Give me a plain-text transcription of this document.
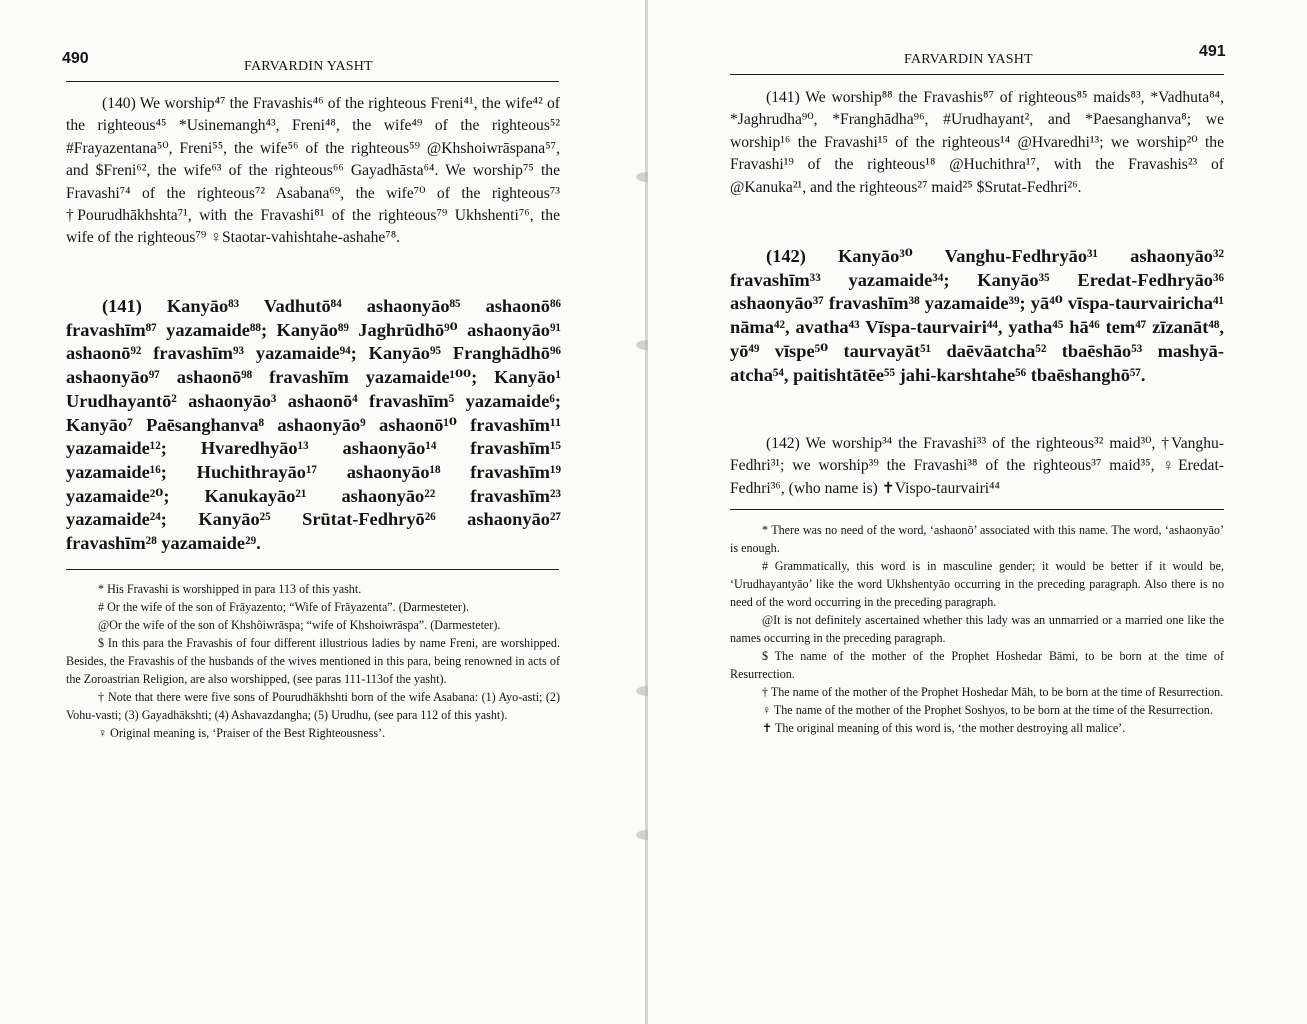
490	FARVARDIN YASHT

(140) We worship⁴⁷ the Fravashis⁴⁶ of the righteous Freni⁴¹, the wife⁴² of the righteous⁴⁵ *Usinemangh⁴³, Freni⁴⁸, the wife⁴⁹ of the righteous⁵² #Frayazentana⁵⁰, Freni⁵⁵, the wife⁵⁶ of the righteous⁵⁹ @Khshoiwrāspana⁵⁷, and $Freni⁶², the wife⁶³ of the righteous⁶⁶ Gayadhāsta⁶⁴. We worship⁷⁵ the Fravashi⁷⁴ of the righteous⁷² Asabana⁶⁹, the wife⁷⁰ of the righteous⁷³ †Pourudhākhshta⁷¹, with the Fravashi⁸¹ of the righteous⁷⁹ Ukhshenti⁷⁶, the wife of the righteous⁷⁹ ♀Staotar-vahishtahe-ashahe⁷⁸.

(141) Kanyāo⁸³ Vadhutō⁸⁴ ashaonyāo⁸⁵ ashaonō⁸⁶ fravashīm⁸⁷ yazamaide⁸⁸; Kanyāo⁸⁹ Jaghrūdhō⁹⁰ ashaonyāo⁹¹ ashaonō⁹² fravashīm⁹³ yazamaide⁹⁴; Kanyāo⁹⁵ Franghādhō⁹⁶ ashaonyāo⁹⁷ ashaonō⁹⁸ fravashīm yazamaide¹⁰⁰; Kanyāo¹ Urudhayantō² ashaonyāo³ ashaonō⁴ fravashīm⁵ yazamaide⁶; Kanyāo⁷ Paēsanghanva⁸ ashaonyāo⁹ ashaonō¹⁰ fravashīm¹¹ yazamaide¹²; Hvaredhyāo¹³ ashaonyāo¹⁴ fravashīm¹⁵ yazamaide¹⁶; Huchithrayāo¹⁷ ashaonyāo¹⁸ fravashīm¹⁹ yazamaide²⁰; Kanukayāo²¹ ashaonyāo²² fravashīm²³ yazamaide²⁴; Kanyāo²⁵ Srūtat-Fedhryō²⁶ ashaonyāo²⁷ fravashīm²⁸ yazamaide²⁹.

* His Fravashi is worshipped in para 113 of this yasht.

# Or the wife of the son of Frāyazento; “Wife of Frāyazenta”. (Darmesteter).

@Or the wife of the son of Khshôiwrāspa; “wife of Khshoiwrāspa”. (Darmesteter).

$ In this para the Fravashis of four different illustrious ladies by name Freni, are worshipped. Besides, the Fravashis of the husbands of the wives mentioned in this para, being renowned in acts of the Zoroastrian Religion, are also worshipped, (see paras 111-113of the yasht).

† Note that there were five sons of Pourudhākhshti born of the wife Asabana: (1) Ayo-asti; (2) Vohu-vasti; (3) Gayadhākshti; (4) Ashavazdangha; (5) Urudhu, (see para 112 of this yasht).

♀ Original meaning is, ‘Praiser of the Best Righteousness’.

FARVARDIN YASHT	491

(141) We worship⁸⁸ the Fravashis⁸⁷ of righteous⁸⁵ maids⁸³, *Vadhuta⁸⁴, *Jaghrudha⁹⁰, *Franghādha⁹⁶, #Urudhayant², and *Paesanghanva⁸; we worship¹⁶ the Fravashi¹⁵ of the righteous¹⁴ @Hvaredhi¹³; we worship²⁰ the Fravashi¹⁹ of the righteous¹⁸ @Huchithra¹⁷, with the Fravashis²³ of @Kanuka²¹, and the righteous²⁷ maid²⁵ $Srutat-Fedhri²⁶.

(142) Kanyāo³⁰ Vanghu-Fedhryāo³¹ ashaonyāo³² fravashīm³³ yazamaide³⁴; Kanyāo³⁵ Eredat-Fedhryāo³⁶ ashaonyāo³⁷ fravashīm³⁸ yazamaide³⁹; yā⁴⁰ vīspa-taurvairicha⁴¹ nāma⁴², avatha⁴³ Vīspa-taurvairi⁴⁴, yatha⁴⁵ hā⁴⁶ tem⁴⁷ zīzanāt⁴⁸, yō⁴⁹ vīspe⁵⁰ taurvayāt⁵¹ daēvāatcha⁵² tbaēshāo⁵³ mashyā-atcha⁵⁴, paitishtātēe⁵⁵ jahi-karshtahe⁵⁶ tbaēshanghō⁵⁷.

(142) We worship³⁴ the Fravashi³³ of the righteous³² maid³⁰, †Vanghu-Fedhri³¹; we worship³⁹ the Fravashi³⁸ of the righteous³⁷ maid³⁵, ♀Eredat-Fedhri³⁶, (who name is) ✝Vispo-taurvairi⁴⁴

* There was no need of the word, ‘ashaonō’ associated with this name. The word, ‘ashaonyāo’ is enough.

# Grammatically, this word is in masculine gender; it would be better if it would be, ‘Urudhayantyāo’ like the word Ukhshentyāo occurring in the preceding paragraph. Also there is no need of the word occurring in the preceding paragraph.

@It is not definitely ascertained whether this lady was an unmarried or a married one like the names occurring in the preceding paragraph.

$ The name of the mother of the Prophet Hoshedar Bāmi, to be born at the time of Resurrection.

† The name of the mother of the Prophet Hoshedar Māh, to be born at the time of Resurrection.

♀ The name of the mother of the Prophet Soshyos, to be born at the time of the Resurrection.

✝ The original meaning of this word is, ‘the mother destroying all malice’.
